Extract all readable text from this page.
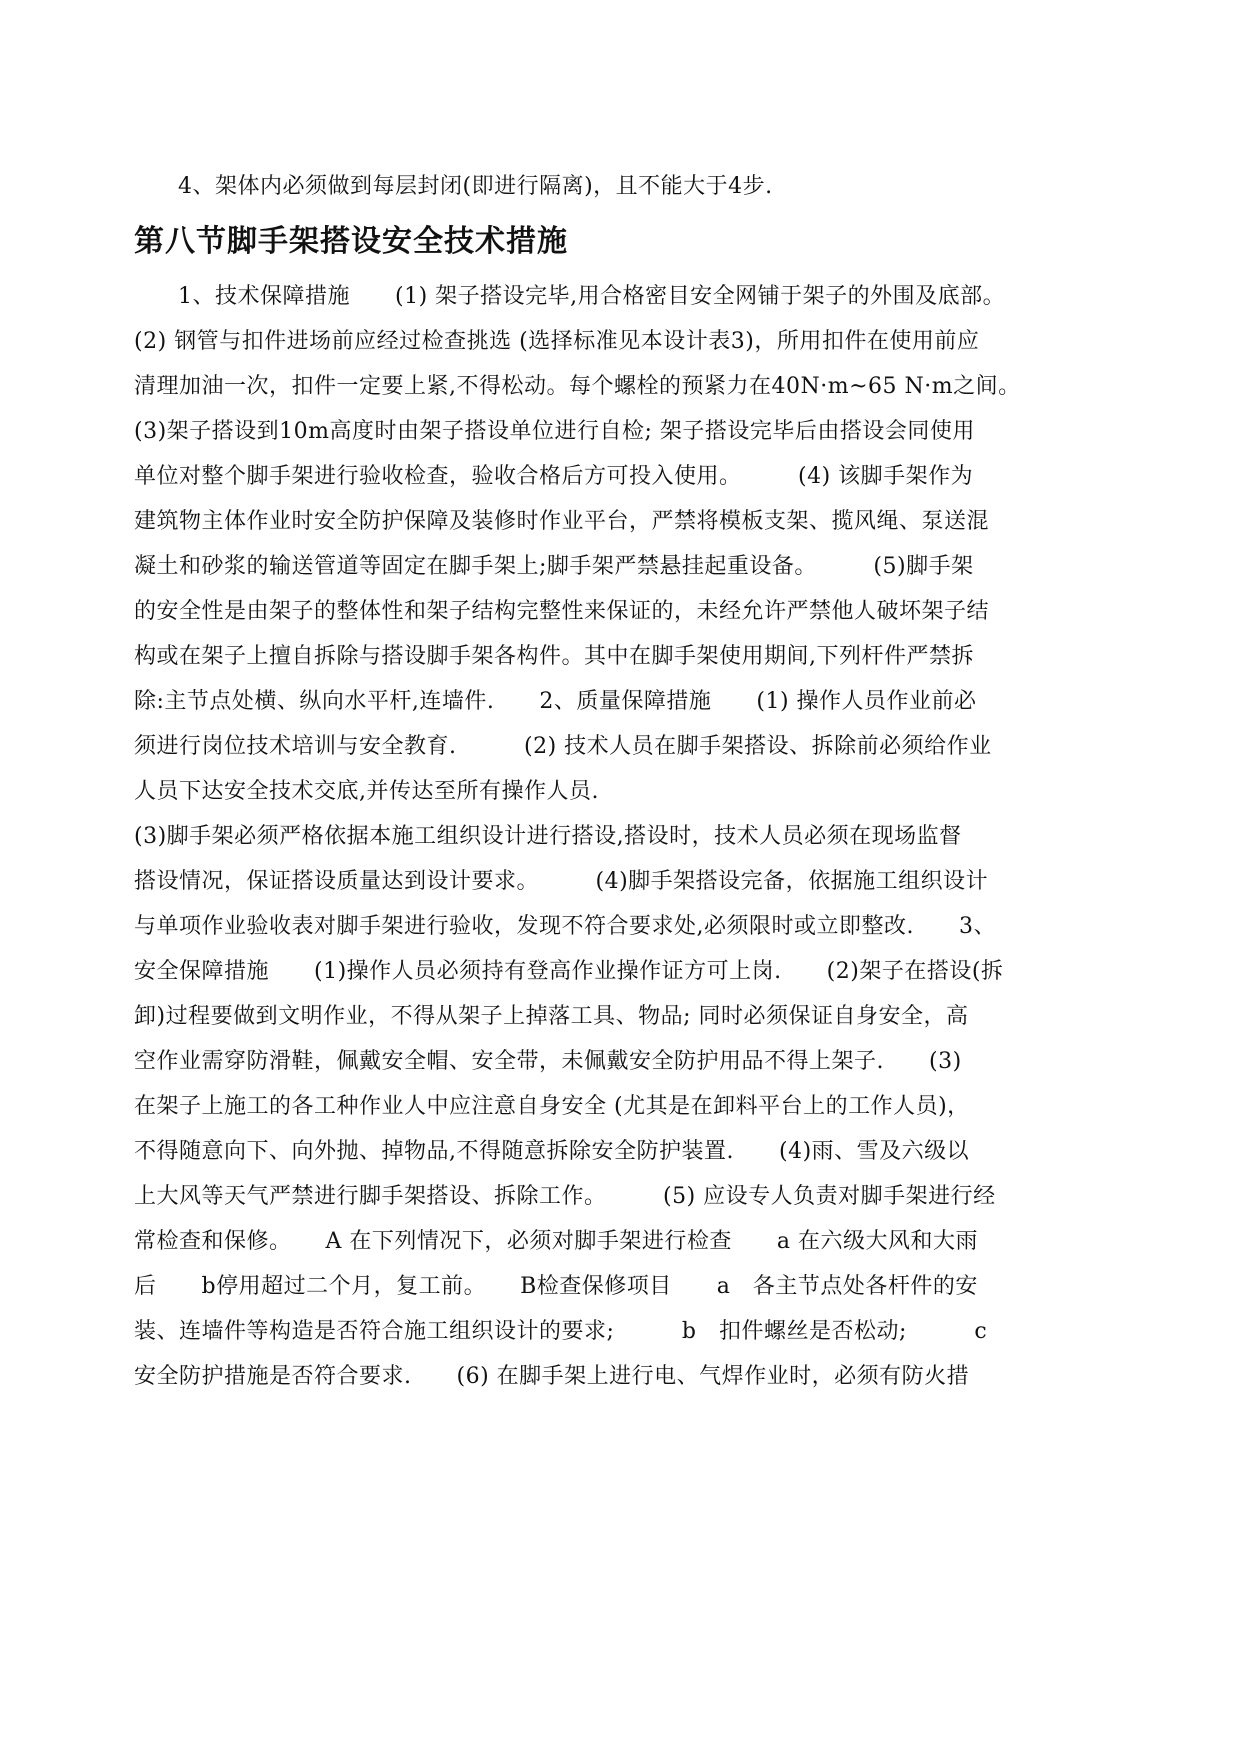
4、架体内必须做到每层封闭(即进行隔离)，且不能大于4步.
第八节脚手架搭设安全技术措施
1、技术保障措施　　(1) 架子搭设完毕,用合格密目安全网铺于架子的外围及底部。
(2) 钢管与扣件进场前应经过检查挑选 (选择标准见本设计表3)，所用扣件在使用前应
清理加油一次，扣件一定要上紧,不得松动。每个螺栓的预紧力在40N·m~65 N·m之间。
(3)架子搭设到10m高度时由架子搭设单位进行自检; 架子搭设完毕后由搭设会同使用
单位对整个脚手架进行验收检查，验收合格后方可投入使用。　　　(4) 该脚手架作为
建筑物主体作业时安全防护保障及装修时作业平台，严禁将模板支架、揽风绳、泵送混
凝土和砂浆的输送管道等固定在脚手架上;脚手架严禁悬挂起重设备。　　　(5)脚手架
的安全性是由架子的整体性和架子结构完整性来保证的，未经允许严禁他人破坏架子结
构或在架子上擅自拆除与搭设脚手架各构件。其中在脚手架使用期间,下列杆件严禁拆
除:主节点处横、纵向水平杆,连墙件.　　2、质量保障措施　　(1) 操作人员作业前必
须进行岗位技术培训与安全教育.　　　(2) 技术人员在脚手架搭设、拆除前必须给作业
人员下达安全技术交底,并传达至所有操作人员.
(3)脚手架必须严格依据本施工组织设计进行搭设,搭设时，技术人员必须在现场监督
搭设情况，保证搭设质量达到设计要求。　　　(4)脚手架搭设完备，依据施工组织设计
与单项作业验收表对脚手架进行验收，发现不符合要求处,必须限时或立即整改.　　3、
安全保障措施　　(1)操作人员必须持有登高作业操作证方可上岗.　　(2)架子在搭设(拆
卸)过程要做到文明作业，不得从架子上掉落工具、物品; 同时必须保证自身安全，高
空作业需穿防滑鞋，佩戴安全帽、安全带，未佩戴安全防护用品不得上架子.　　(3)
在架子上施工的各工种作业人中应注意自身安全 (尤其是在卸料平台上的工作人员)，
不得随意向下、向外抛、掉物品,不得随意拆除安全防护装置.　　(4)雨、雪及六级以
上大风等天气严禁进行脚手架搭设、拆除工作。　　　(5) 应设专人负责对脚手架进行经
常检查和保修。　　A 在下列情况下，必须对脚手架进行检查　　a 在六级大风和大雨
后　　b停用超过二个月，复工前。　　B检查保修项目　　a　各主节点处各杆件的安
装、连墙件等构造是否符合施工组织设计的要求;　　　b　扣件螺丝是否松动;　　　c
安全防护措施是否符合要求.　　(6) 在脚手架上进行电、气焊作业时，必须有防火措
